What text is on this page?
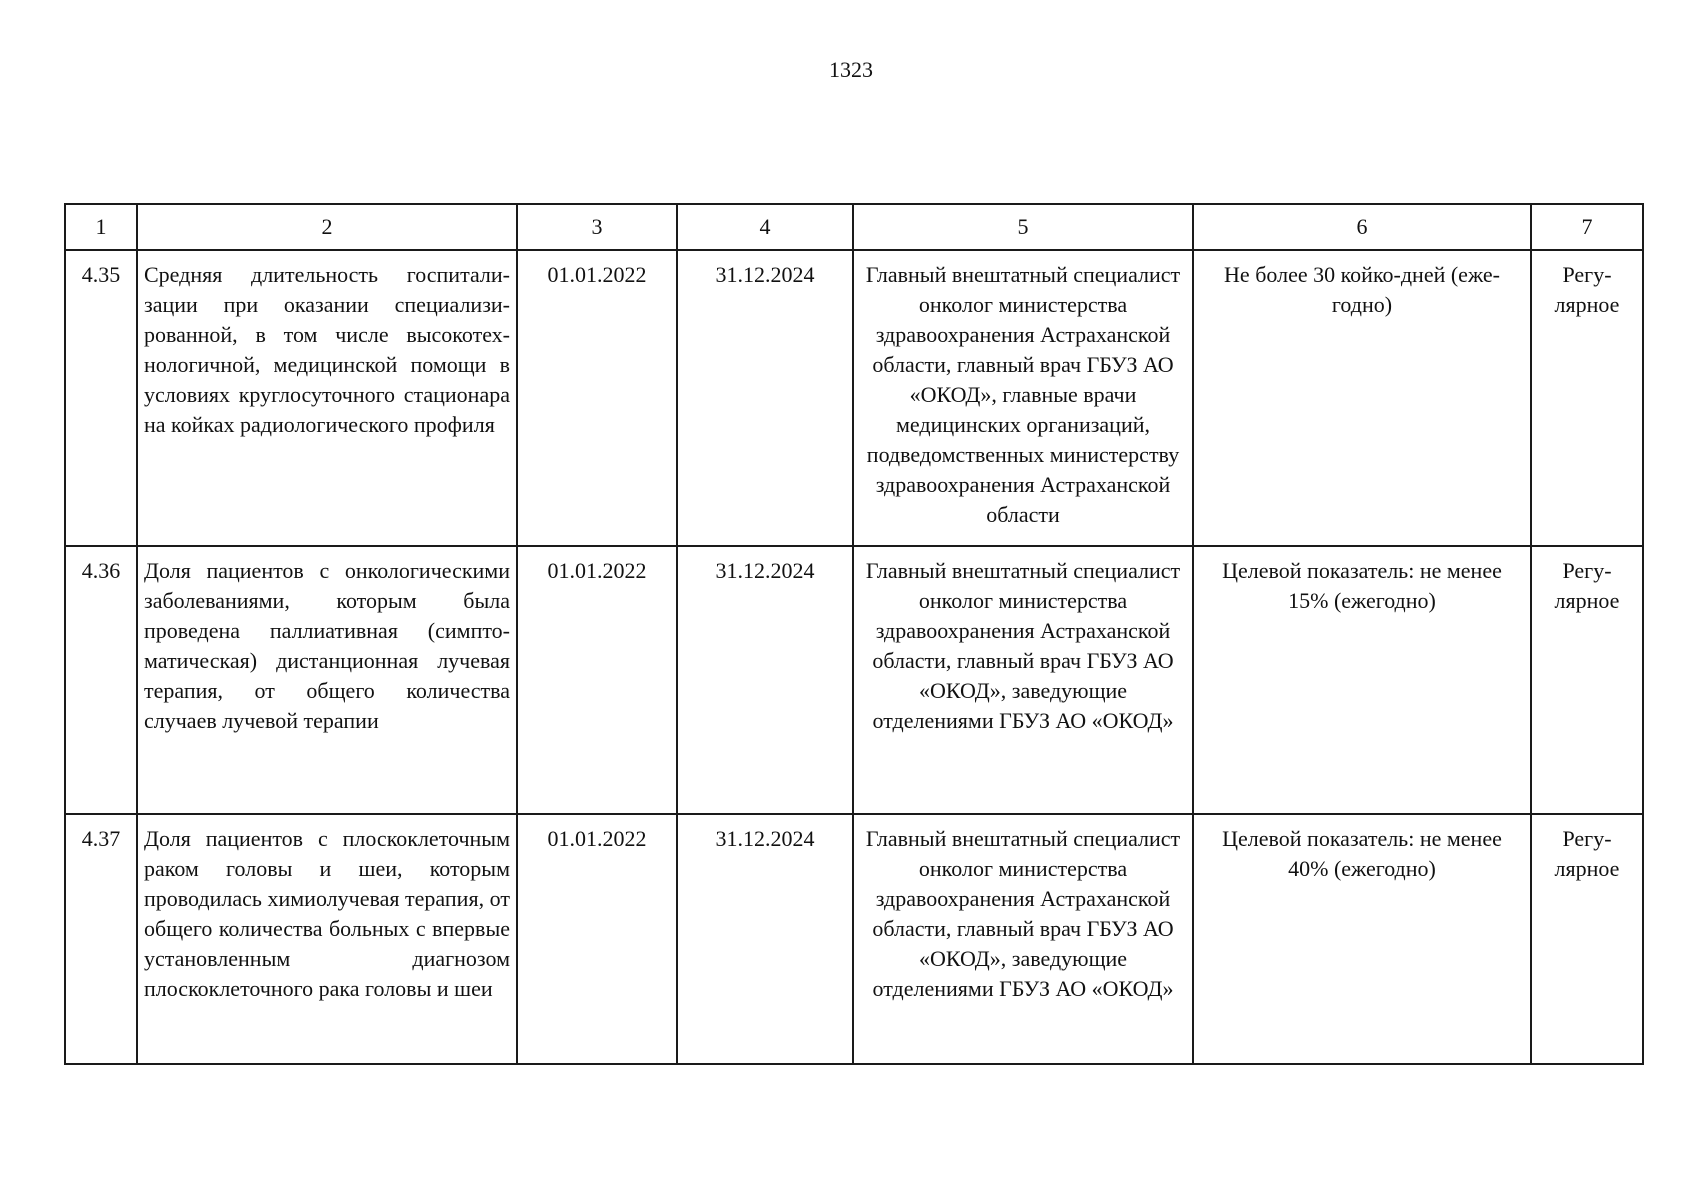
1323
1	2	3	4	5	6	7
4.35	Средняя длительность госпитализации при оказании специализированной, в том числе высокотехнологичной, медицинской помощи в условиях круглосуточного стационара на койках радиологического профиля	01.01.2022	31.12.2024	Главный внештатный специалист онколог министерства здравоохранения Астраханской области, главный врач ГБУЗ АО «ОКОД», главные врачи медицинских организаций, подведомственных министерству здравоохранения Астраханской области	Не более 30 койко-дней (ежегодно)	Регулярное
4.36	Доля пациентов с онкологическими заболеваниями, которым была проведена паллиативная (симптоматическая) дистанционная лучевая терапия, от общего количества случаев лучевой терапии	01.01.2022	31.12.2024	Главный внештатный специалист онколог министерства здравоохранения Астраханской области, главный врач ГБУЗ АО «ОКОД», заведующие отделениями ГБУЗ АО «ОКОД»	Целевой показатель: не менее 15% (ежегодно)	Регулярное
4.37	Доля пациентов с плоскоклеточным раком головы и шеи, которым проводилась химиолучевая терапия, от общего количества больных с впервые установленным диагнозом плоскоклеточного рака головы и шеи	01.01.2022	31.12.2024	Главный внештатный специалист онколог министерства здравоохранения Астраханской области, главный врач ГБУЗ АО «ОКОД», заведующие отделениями ГБУЗ АО «ОКОД»	Целевой показатель: не менее 40% (ежегодно)	Регулярное
